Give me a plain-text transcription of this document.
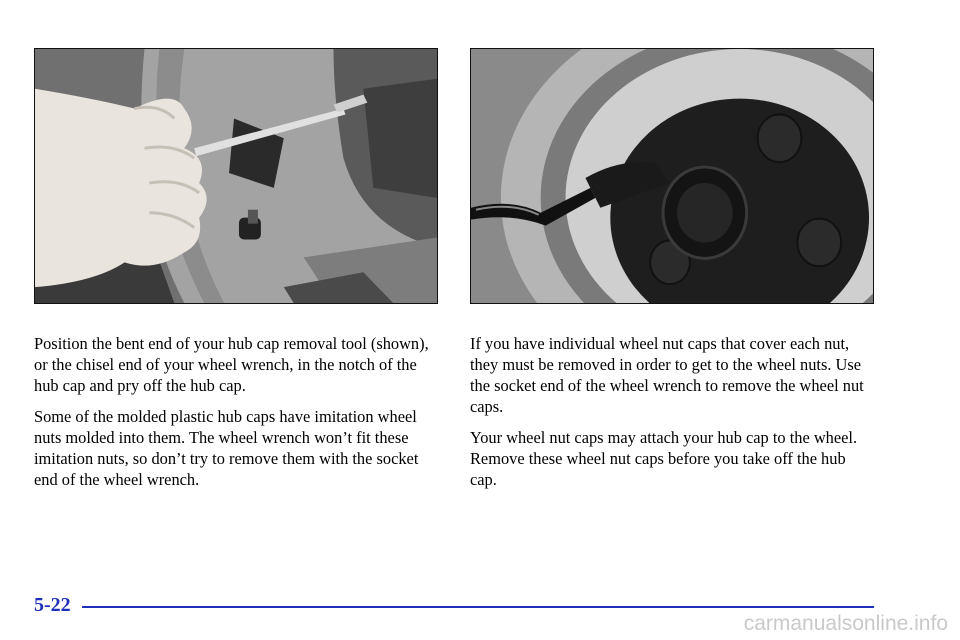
Position the bent end of your hub cap removal tool (shown), or the chisel end of your wheel wrench, in the notch of the hub cap and pry off the hub cap.

Some of the molded plastic hub caps have imitation wheel nuts molded into them. The wheel wrench won’t fit these imitation nuts, so don’t try to remove them with the socket end of the wheel wrench.

If you have individual wheel nut caps that cover each nut, they must be removed in order to get to the wheel nuts. Use the socket end of the wheel wrench to remove the wheel nut caps.

Your wheel nut caps may attach your hub cap to the wheel. Remove these wheel nut caps before you take off the hub cap.

5-22
carmanualsonline.info
